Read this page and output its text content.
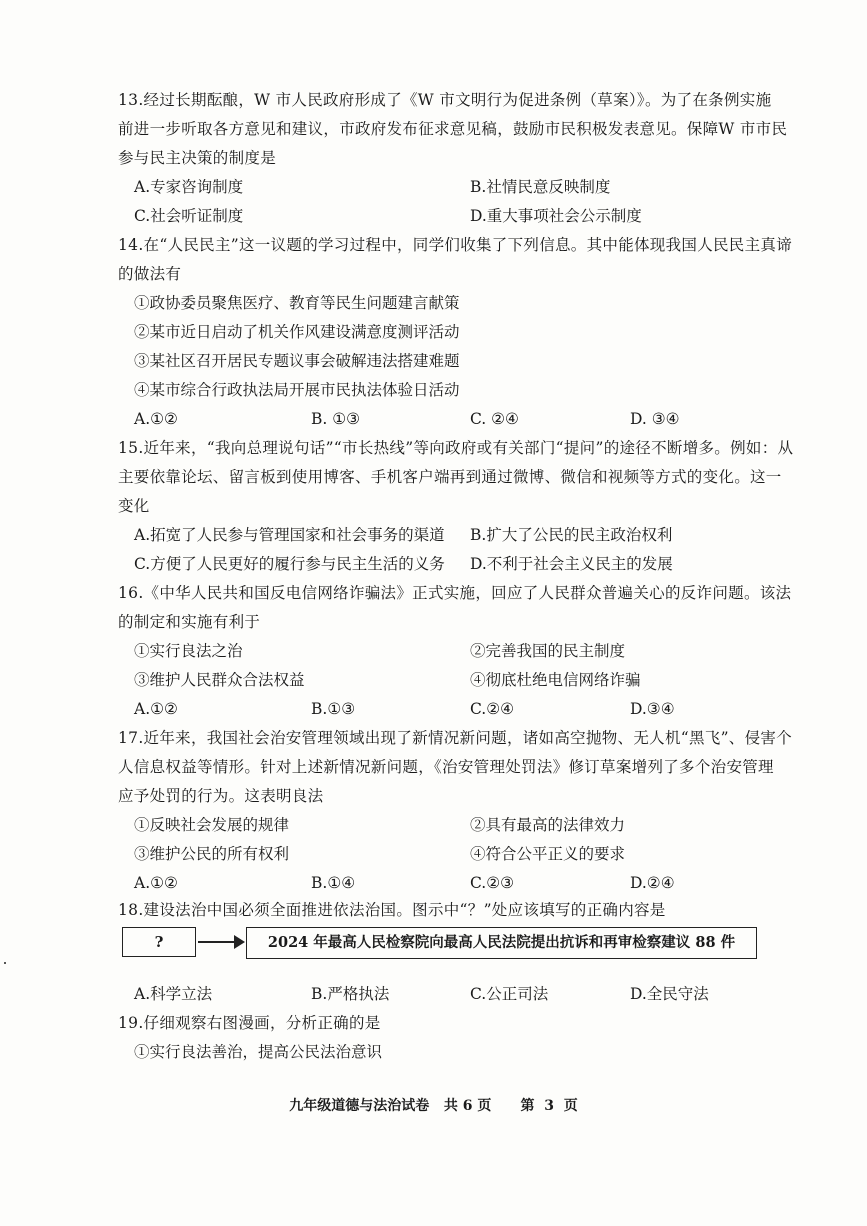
13.经过长期酝酿，W 市人民政府形成了《W 市文明行为促进条例（草案）》。为了在条例实施
前进一步听取各方意见和建议，市政府发布征求意见稿，鼓励市民积极发表意见。保障W 市市民
参与民主决策的制度是
A.专家咨询制度	B.社情民意反映制度
C.社会听证制度	D.重大事项社会公示制度
14.在“人民民主”这一议题的学习过程中，同学们收集了下列信息。其中能体现我国人民民主真谛
的做法有
①政协委员聚焦医疗、教育等民生问题建言献策
②某市近日启动了机关作风建设满意度测评活动
③某社区召开居民专题议事会破解违法搭建难题
④某市综合行政执法局开展市民执法体验日活动
A.①②	B. ①③	C. ②④	D. ③④
15.近年来，“我向总理说句话”“市长热线”等向政府或有关部门“提问”的途径不断增多。例如：从
主要依靠论坛、留言板到使用博客、手机客户端再到通过微博、微信和视频等方式的变化。这一
变化
A.拓宽了人民参与管理国家和社会事务的渠道 B.扩大了公民的民主政治权利
C.方便了人民更好的履行参与民主生活的义务 D.不利于社会主义民主的发展
16.《中华人民共和国反电信网络诈骗法》正式实施，回应了人民群众普遍关心的反诈问题。该法
的制定和实施有利于
①实行良法之治	②完善我国的民主制度
③维护人民群众合法权益	④彻底杜绝电信网络诈骗
A.①②	B.①③	C.②④	D.③④
17.近年来，我国社会治安管理领域出现了新情况新问题，诸如高空抛物、无人机“黑飞”、侵害个
人信息权益等情形。针对上述新情况新问题，《治安管理处罚法》修订草案增列了多个治安管理
应予处罚的行为。这表明良法
①反映社会发展的规律	②具有最高的法律效力
③维护公民的所有权利	④符合公平正义的要求
A.①②	B.①④	C.②③	D.②④
18.建设法治中国必须全面推进依法治国。图示中“？”处应该填写的正确内容是
?	2024 年最高人民检察院向最高人民法院提出抗诉和再审检察建议 88 件
A.科学立法	B.严格执法	C.公正司法	D.全民守法
19.仔细观察右图漫画，分析正确的是
①实行良法善治，提高公民法治意识
九年级道德与法治试卷   共 6 页      第  3  页
